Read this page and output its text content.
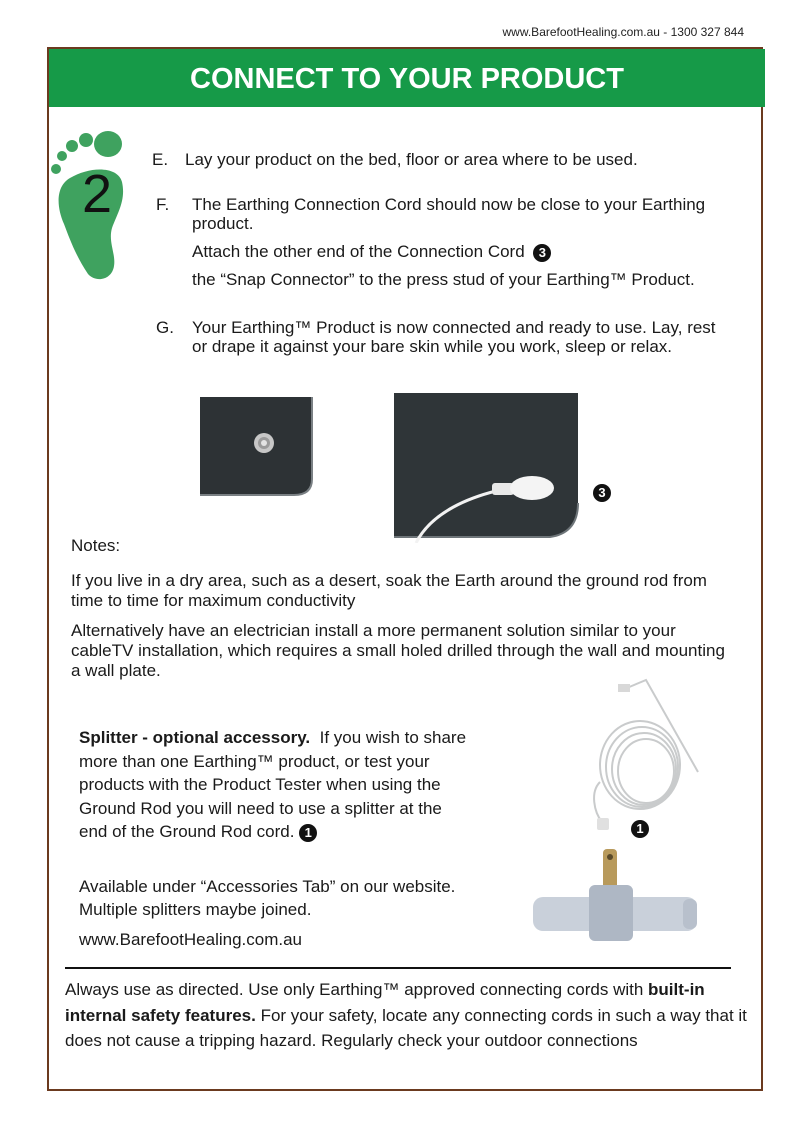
www.BarefootHealing.com.au - 1300 327 844
CONNECT TO YOUR PRODUCT
2
E. Lay your product on the bed, floor or area where to be used.
F. The Earthing Connection Cord should now be close to your Earthing product.
Attach the other end of the Connection Cord 3
the “Snap Connector” to the press stud of your Earthing™ Product.
G. Your Earthing™ Product is now connected and ready to use. Lay, rest or drape it against your bare skin while you work, sleep or relax.
3
Notes:
If you live in a dry area, such as a desert, soak the Earth around the ground rod from time to time for maximum conductivity
Alternatively have an electrician install a more permanent solution similar to your cableTV installation, which requires a small holed drilled through the wall and mounting a wall plate.
Splitter - optional accessory. If you wish to share more than one Earthing™ product, or test your products with the Product Tester when using the Ground Rod you will need to use a splitter at the end of the Ground Rod cord. 1
Available under “Accessories Tab” on our website. Multiple splitters maybe joined.
www.BarefootHealing.com.au
1
Always use as directed. Use only Earthing™ approved connecting cords with built-in internal safety features. For your safety, locate any connecting cords in such a way that it does not cause a tripping hazard. Regularly check your outdoor connections
